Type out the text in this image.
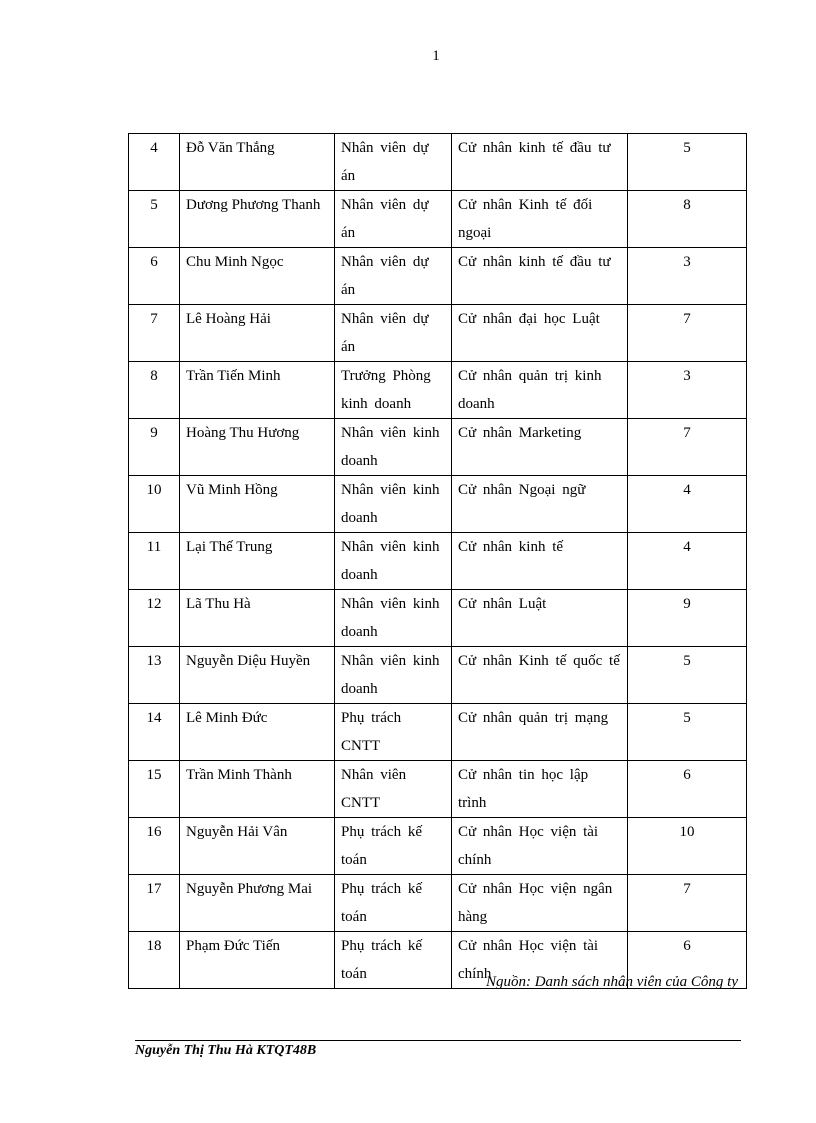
1
4	Đỗ Văn Thắng	Nhân viên dự án	Cử nhân kinh tế đầu tư	5
5	Dương Phương Thanh	Nhân viên dự án	Cử nhân Kinh tế đối ngoại	8
6	Chu Minh Ngọc	Nhân viên dự án	Cử nhân kinh tế đầu tư	3
7	Lê Hoàng Hải	Nhân viên dự án	Cử nhân đại học Luật	7
8	Trần Tiến Minh	Trưởng Phòng kinh doanh	Cử nhân quản trị kinh doanh	3
9	Hoàng Thu Hương	Nhân viên kinh doanh	Cử nhân Marketing	7
10	Vũ Minh Hồng	Nhân viên kinh doanh	Cử nhân Ngoại ngữ	4
11	Lại Thế Trung	Nhân viên kinh doanh	Cử nhân kinh tế	4
12	Lã Thu Hà	Nhân viên kinh doanh	Cử nhân Luật	9
13	Nguyễn Diệu Huyền	Nhân viên kinh doanh	Cử nhân Kinh tế quốc tế	5
14	Lê Minh Đức	Phụ trách CNTT	Cử nhân quản trị mạng	5
15	Trần Minh Thành	Nhân viên CNTT	Cử nhân tin học lập trình	6
16	Nguyễn Hải Vân	Phụ trách kế toán	Cử nhân Học viện tài chính	10
17	Nguyễn Phương Mai	Phụ trách kế toán	Cử nhân Học viện ngân hàng	7
18	Phạm Đức Tiến	Phụ trách kế toán	Cử nhân Học viện tài chính	6
Nguồn: Danh sách nhân viên của Công ty
Nguyễn Thị Thu Hà KTQT48B
